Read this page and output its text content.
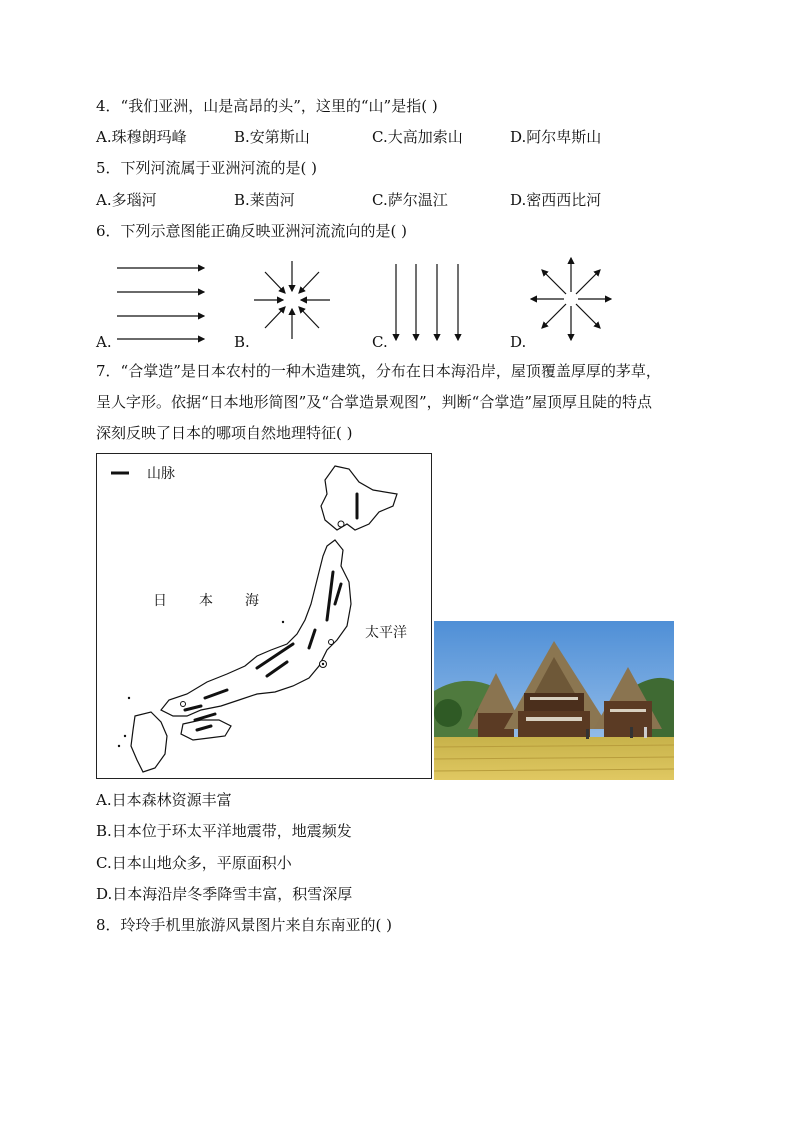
4．“我们亚洲，山是高昂的头”，这里的“山”是指( )
A.珠穆朗玛峰	B.安第斯山	C.大高加索山	D.阿尔卑斯山
5．下列河流属于亚洲河流的是( )
A.多瑙河	B.莱茵河	C.萨尔温江	D.密西西比河
6．下列示意图能正确反映亚洲河流流向的是( )
A.	B.	C.	D.
7．“合掌造”是日本农村的一种木造建筑，分布在日本海沿岸，屋顶覆盖厚厚的茅草，
呈人字形。依据“日本地形简图”及“合掌造景观图”，判断“合掌造”屋顶厚且陡的特点
深刻反映了日本的哪项自然地理特征( )
山脉
日 本 海
太平洋
A.日本森林资源丰富
B.日本位于环太平洋地震带，地震频发
C.日本山地众多，平原面积小
D.日本海沿岸冬季降雪丰富，积雪深厚
8．玲玲手机里旅游风景图片来自东南亚的( )
